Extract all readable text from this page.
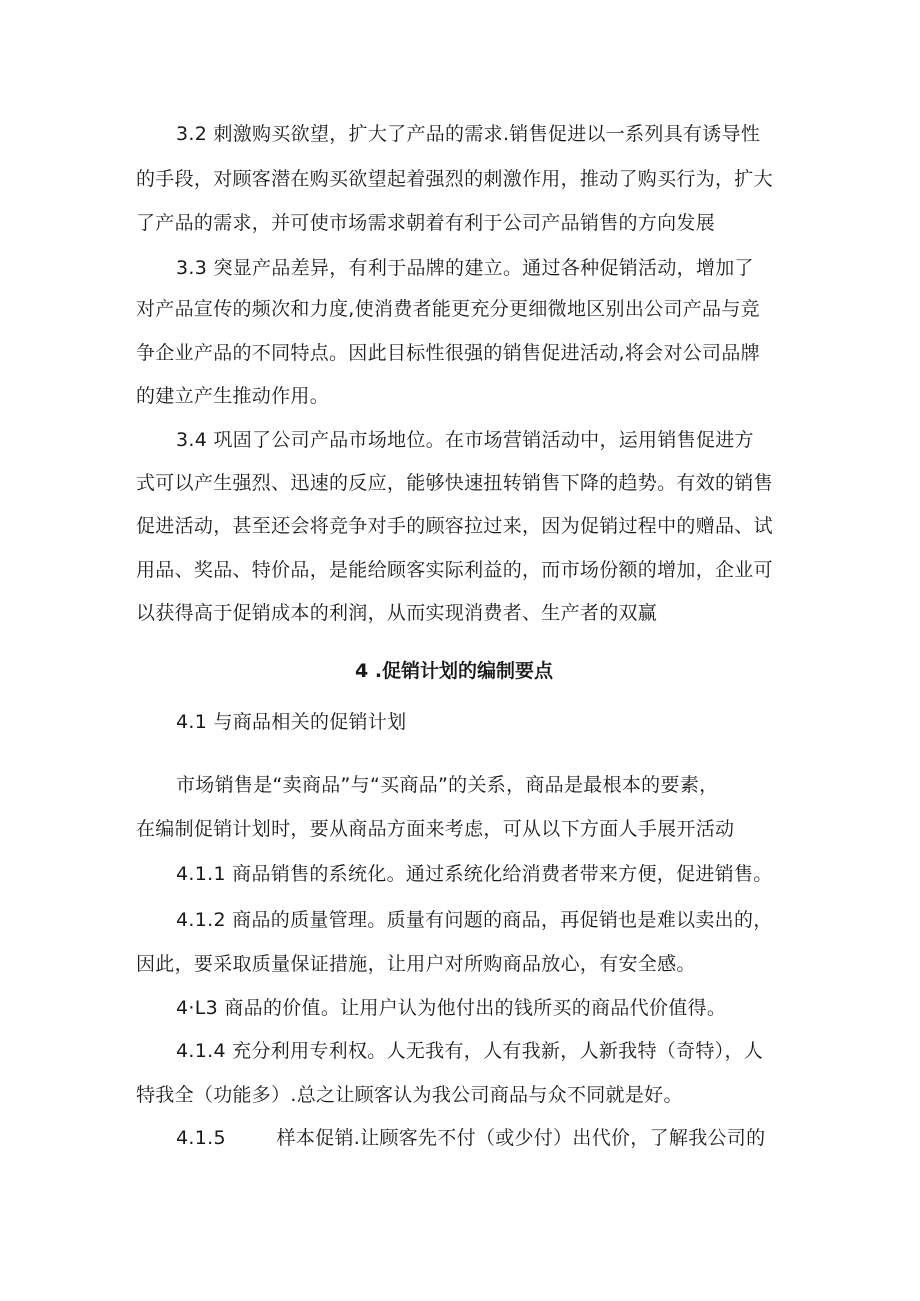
3.2 刺激购买欲望，扩大了产品的需求.销售促进以一系列具有诱导性
的手段，对顾客潜在购买欲望起着强烈的刺激作用，推动了购买行为，扩大
了产品的需求，并可使市场需求朝着有利于公司产品销售的方向发展
3.3 突显产品差异，有利于品牌的建立。通过各种促销活动，增加了
对产品宣传的频次和力度,使消费者能更充分更细微地区别出公司产品与竞
争企业产品的不同特点。因此目标性很强的销售促进活动,将会对公司品牌
的建立产生推动作用。
3.4 巩固了公司产品市场地位。在市场营销活动中，运用销售促进方
式可以产生强烈、迅速的反应，能够快速扭转销售下降的趋势。有效的销售
促进活动，甚至还会将竞争对手的顾容拉过来，因为促销过程中的赠品、试
用品、奖品、特价品，是能给顾客实际利益的，而市场份额的增加，企业可
以获得高于促销成本的利润，从而实现消费者、生产者的双赢
4 .促销计划的编制要点
4.1 与商品相关的促销计划
市场销售是“卖商品”与“买商品”的关系，商品是最根本的要素，
在编制促销计划时，要从商品方面来考虑，可从以下方面人手展开活动
4.1.1 商品销售的系统化。通过系统化给消费者带来方便，促进销售。
4.1.2 商品的质量管理。质量有问题的商品，再促销也是难以卖出的，
因此，要采取质量保证措施，让用户对所购商品放心，有安全感。
4·L3 商品的价值。让用户认为他付出的钱所买的商品代价值得。
4.1.4 充分利用专利权。人无我有，人有我新，人新我特（奇特），人
特我全（功能多）.总之让顾客认为我公司商品与众不同就是好。
4.1.5        样本促销.让顾客先不付（或少付）出代价，了解我公司的
